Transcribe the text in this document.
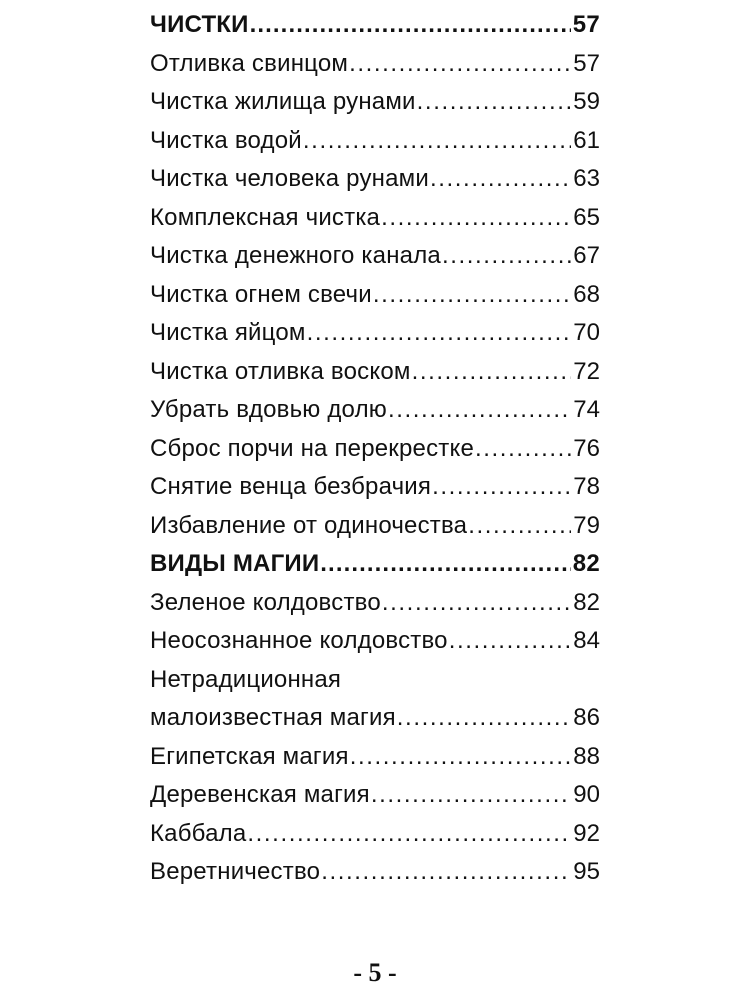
ЧИСТКИ .....	57
Отливка свинцом .....	57
Чистка жилища рунами .....	59
Чистка водой .....	61
Чистка человека рунами .....	63
Комплексная чистка .....	65
Чистка денежного канала .....	67
Чистка огнем свечи .....	68
Чистка яйцом .....	70
Чистка отливка воском .....	72
Убрать вдовью долю .....	74
Сброс порчи на перекрестке .....	76
Снятие венца безбрачия .....	78
Избавление от одиночества .....	79
ВИДЫ МАГИИ .....	82
Зеленое колдовство .....	82
Неосознанное колдовство .....	84
Нетрадиционная
малоизвестная магия .....	86
Египетская магия .....	88
Деревенская магия .....	90
Каббала .....	92
Веретничество .....	95
- 5 -
